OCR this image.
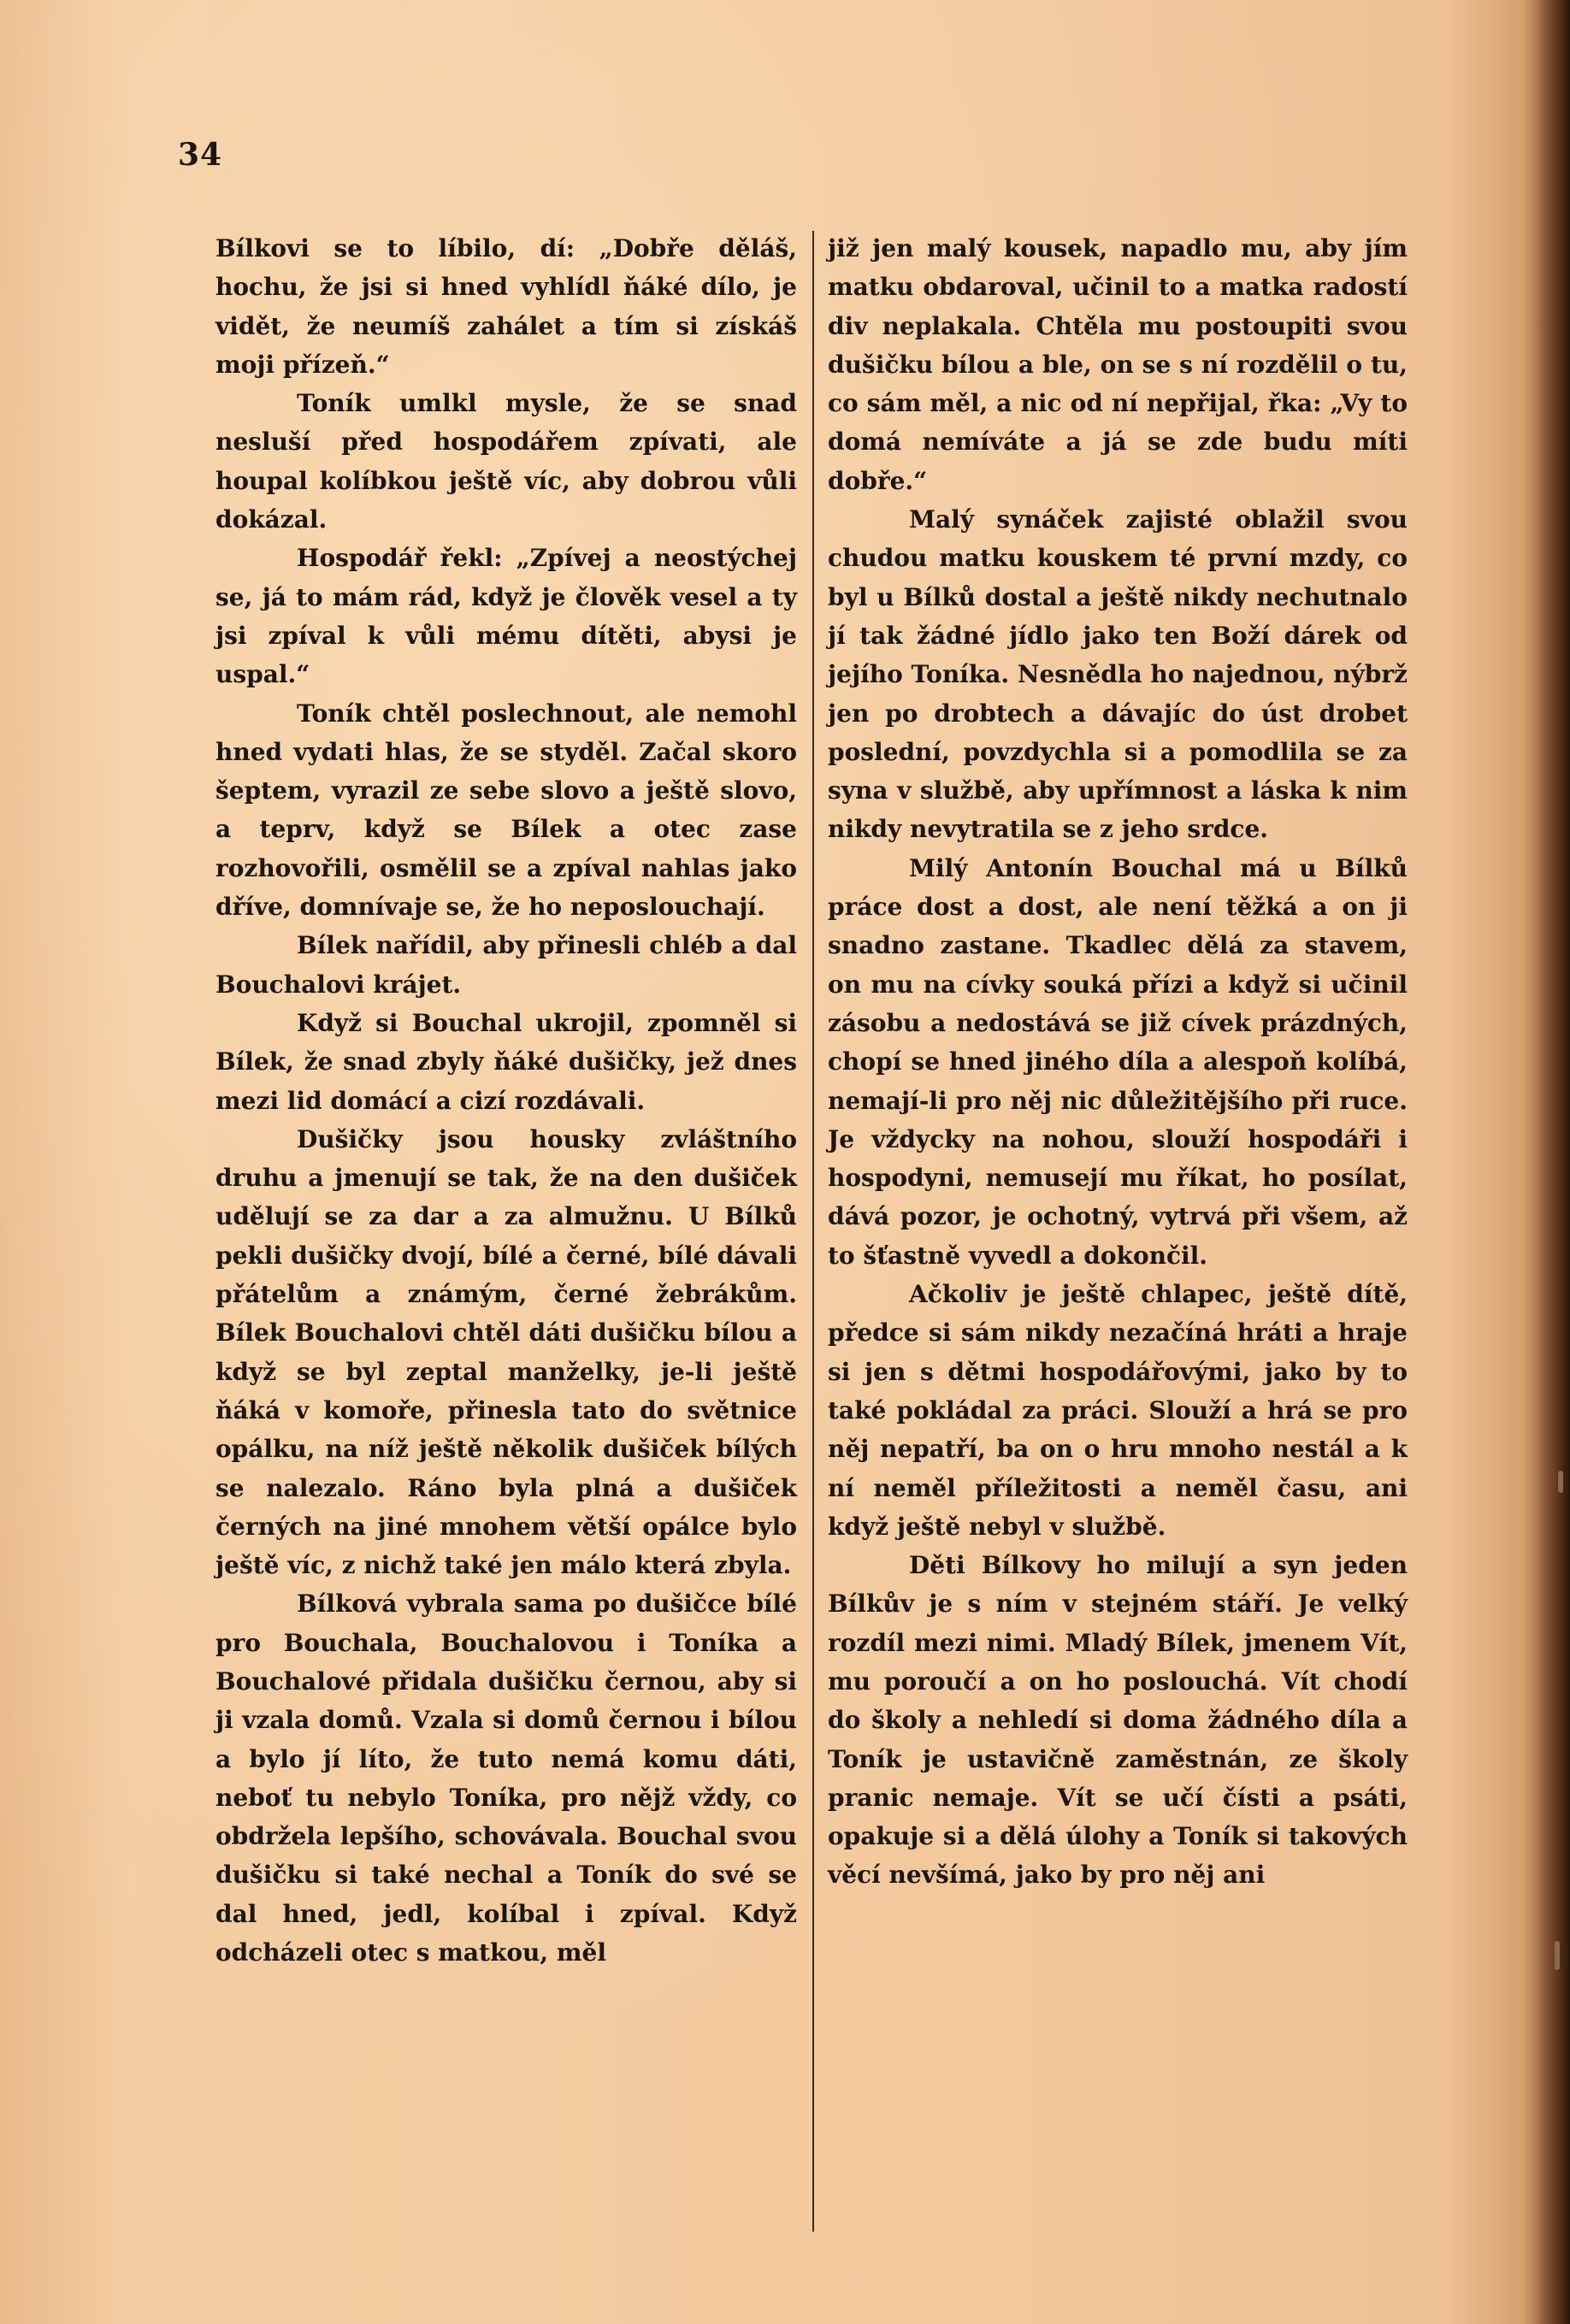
34

Bílkovi se to líbilo, dí: „Dobře děláš, hochu, že jsi si hned vyhlídl ňáké dílo, je vidět, že neumíš zahálet a tím si získáš moji přízeň.“

Toník umlkl mysle, že se snad nesluší před hospodářem zpívati, ale houpal kolíbkou ještě víc, aby dobrou vůli dokázal.

Hospodář řekl: „Zpívej a neostýchej se, já to mám rád, když je člověk vesel a ty jsi zpíval k vůli mému dítěti, abysi je uspal.“

Toník chtěl poslechnout, ale nemohl hned vydati hlas, že se styděl. Začal skoro šeptem, vyrazil ze sebe slovo a ještě slovo, a teprv, když se Bílek a otec zase rozhovořili, osmělil se a zpíval nahlas jako dříve, domnívaje se, že ho neposlouchají.

Bílek nařídil, aby přinesli chléb a dal Bouchalovi krájet.

Když si Bouchal ukrojil, zpomněl si Bílek, že snad zbyly ňáké dušičky, jež dnes mezi lid domácí a cizí rozdávali.

Dušičky jsou housky zvláštního druhu a jmenují se tak, že na den dušiček udělují se za dar a za almužnu. U Bílků pekli dušičky dvojí, bílé a černé, bílé dávali přátelům a známým, černé žebrákům. Bílek Bouchalovi chtěl dáti dušičku bílou a když se byl zeptal manželky, je-li ještě ňáká v komoře, přinesla tato do světnice opálku, na níž ještě několik dušiček bílých se nalezalo. Ráno byla plná a dušiček černých na jiné mnohem větší opálce bylo ještě víc, z nichž také jen málo která zbyla.

Bílková vybrala sama po dušičce bílé pro Bouchala, Bouchalovou i Toníka a Bouchalové přidala dušičku černou, aby si ji vzala domů. Vzala si domů černou i bílou a bylo jí líto, že tuto nemá komu dáti, neboť tu nebylo Toníka, pro nějž vždy, co obdržela lepšího, schovávala. Bouchal svou dušičku si také nechal a Toník do své se dal hned, jedl, kolíbal i zpíval. Když odcházeli otec s matkou, měl

již jen malý kousek, napadlo mu, aby jím matku obdaroval, učinil to a matka radostí div neplakala. Chtěla mu postoupiti svou dušičku bílou a ble, on se s ní rozdělil o tu, co sám měl, a nic od ní nepřijal, řka: „Vy to domá nemíváte a já se zde budu míti dobře.“

Malý synáček zajisté oblažil svou chudou matku kouskem té první mzdy, co byl u Bílků dostal a ještě nikdy nechutnalo jí tak žádné jídlo jako ten Boží dárek od jejího Toníka. Nesnědla ho najednou, nýbrž jen po drobtech a dávajíc do úst drobet poslední, povzdychla si a pomodlila se za syna v službě, aby upřímnost a láska k nim nikdy nevytratila se z jeho srdce.

Milý Antonín Bouchal má u Bílků práce dost a dost, ale není těžká a on ji snadno zastane. Tkadlec dělá za stavem, on mu na cívky souká přízi a když si učinil zásobu a nedostává se již cívek prázdných, chopí se hned jiného díla a alespoň kolíbá, nemají-li pro něj nic důležitějšího při ruce. Je vždycky na nohou, slouží hospodáři i hospodyni, nemusejí mu říkat, ho posílat, dává pozor, je ochotný, vytrvá při všem, až to šťastně vyvedl a dokončil.

Ačkoliv je ještě chlapec, ještě dítě, předce si sám nikdy nezačíná hráti a hraje si jen s dětmi hospodářovými, jako by to také pokládal za práci. Slouží a hrá se pro něj nepatří, ba on o hru mnoho nestál a k ní neměl příležitosti a neměl času, ani když ještě nebyl v službě.

Děti Bílkovy ho milují a syn jeden Bílkův je s ním v stejném stáří. Je velký rozdíl mezi nimi. Mladý Bílek, jmenem Vít, mu poroučí a on ho poslouchá. Vít chodí do školy a nehledí si doma žádného díla a Toník je ustavičně zaměstnán, ze školy pranic nemaje. Vít se učí čísti a psáti, opakuje si a dělá úlohy a Toník si takových věcí nevšímá, jako by pro něj ani
